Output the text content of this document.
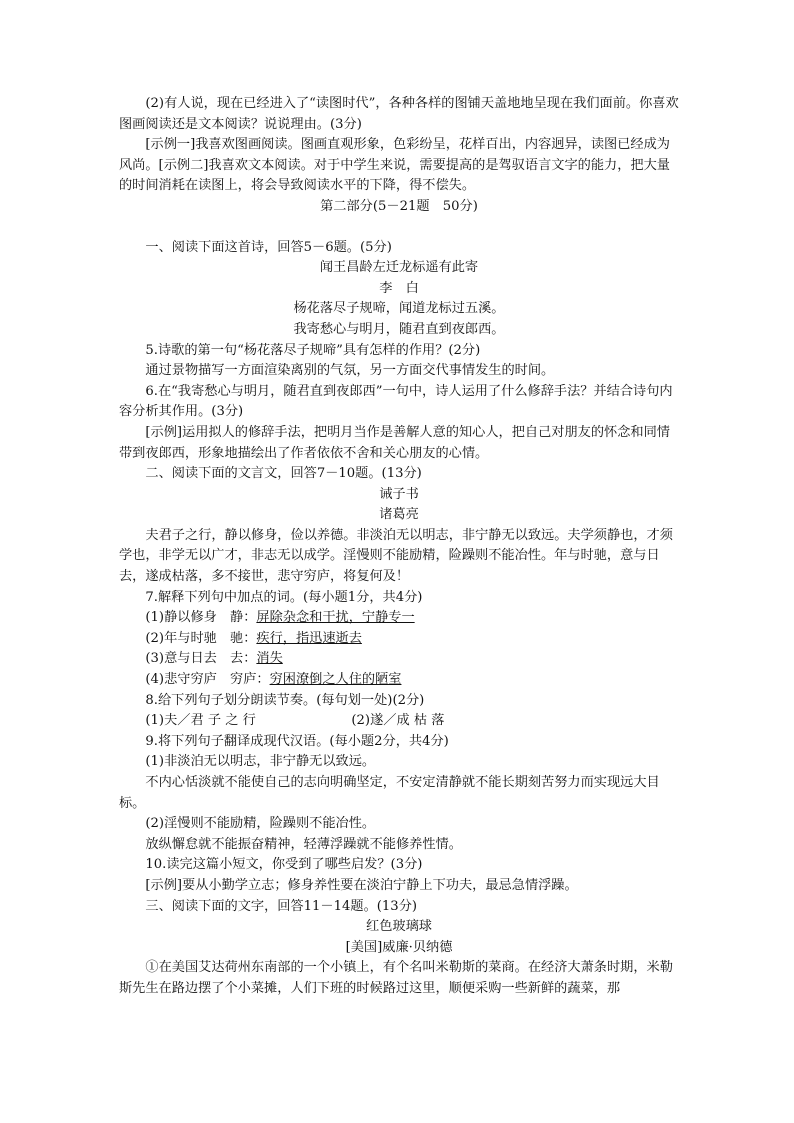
(2)有人说，现在已经进入了“读图时代”，各种各样的图铺天盖地地呈现在我们面前。你喜欢图画阅读还是文本阅读？说说理由。(3分)

[示例一]我喜欢图画阅读。图画直观形象，色彩纷呈，花样百出，内容迥异，读图已经成为风尚。[示例二]我喜欢文本阅读。对于中学生来说，需要提高的是驾驭语言文字的能力，把大量的时间消耗在读图上，将会导致阅读水平的下降，得不偿失。

第二部分(5－21题　50分)

一、阅读下面这首诗，回答5－6题。(5分)

闻王昌龄左迁龙标遥有此寄

李　白

杨花落尽子规啼，闻道龙标过五溪。

我寄愁心与明月，随君直到夜郎西。

5.诗歌的第一句“杨花落尽子规啼”具有怎样的作用？(2分)

通过景物描写一方面渲染离别的气氛，另一方面交代事情发生的时间。

6.在“我寄愁心与明月，随君直到夜郎西”一句中，诗人运用了什么修辞手法？并结合诗句内容分析其作用。(3分)

[示例]运用拟人的修辞手法，把明月当作是善解人意的知心人，把自己对朋友的怀念和同情带到夜郎西，形象地描绘出了作者依依不舍和关心朋友的心情。

二、阅读下面的文言文，回答7－10题。(13分)

诫子书

诸葛亮

夫君子之行，静以修身，俭以养德。非淡泊无以明志，非宁静无以致远。夫学须静也，才须学也，非学无以广才，非志无以成学。淫慢则不能励精，险躁则不能冶性。年与时驰，意与日去，遂成枯落，多不接世，悲守穷庐，将复何及！

7.解释下列句中加点的词。(每小题1分，共4分)

(1)静以修身　静：屏除杂念和干扰，宁静专一

(2)年与时驰　驰：疾行，指迅速逝去

(3)意与日去　去：消失

(4)悲守穷庐　穷庐：穷困潦倒之人住的陋室

8.给下列句子划分朗读节奏。(每句划一处)(2分)

(1)夫／君 子 之 行	(2)遂／成 枯 落

9.将下列句子翻译成现代汉语。(每小题2分，共4分)

(1)非淡泊无以明志，非宁静无以致远。

不内心恬淡就不能使自己的志向明确坚定，不安定清静就不能长期刻苦努力而实现远大目标。

(2)淫慢则不能励精，险躁则不能冶性。

放纵懈怠就不能振奋精神，轻薄浮躁就不能修养性情。

10.读完这篇小短文，你受到了哪些启发？(3分)

[示例]要从小勤学立志；修身养性要在淡泊宁静上下功夫，最忌急情浮躁。

三、阅读下面的文字，回答11－14题。(13分)

红色玻璃球

[美国]威廉·贝纳德

①在美国艾达荷州东南部的一个小镇上，有个名叫米勒斯的菜商。在经济大萧条时期，米勒斯先生在路边摆了个小菜摊，人们下班的时候路过这里，顺便采购一些新鲜的蔬菜，那
